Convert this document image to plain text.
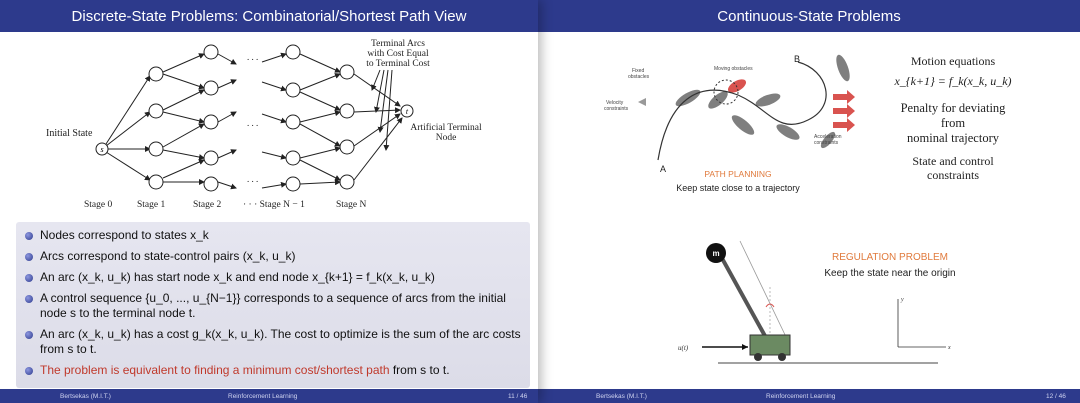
Discrete-State Problems: Combinatorial/Shortest Path View
s
t
Initial State
. . .
. . .
. . .
Terminal Arcs
with Cost Equal
to Terminal Cost
Artificial Terminal
Node
Stage 0	Stage 1	Stage 2 · · · Stage N − 1	Stage N
Nodes correspond to states x_k
Arcs correspond to state-control pairs (x_k, u_k)
An arc (x_k, u_k) has start node x_k and end node x_{k+1} = f_k(x_k, u_k)
A control sequence {u_0, ..., u_{N−1}} corresponds to a sequence of arcs from the initial node s to the terminal node t.
An arc (x_k, u_k) has a cost g_k(x_k, u_k). The cost to optimize is the sum of the arc costs from s to t.
The problem is equivalent to finding a minimum cost/shortest path from s to t.
Bertsekas (M.I.T.)	Reinforcement Learning	11 / 46
Continuous-State Problems
Fixed
obstacles
Velocity
constraints
Moving obstacles
Acceleration
constraints
A
B
PATH PLANNING
Keep state close to a trajectory
Motion equations
x_{k+1} = f_k(x_k, u_k)
Penalty for deviating
from
nominal trajectory
State and control
constraints
m
u(t)
y
x
REGULATION PROBLEM
Keep the state near the origin
Bertsekas (M.I.T.)	Reinforcement Learning	12 / 46
